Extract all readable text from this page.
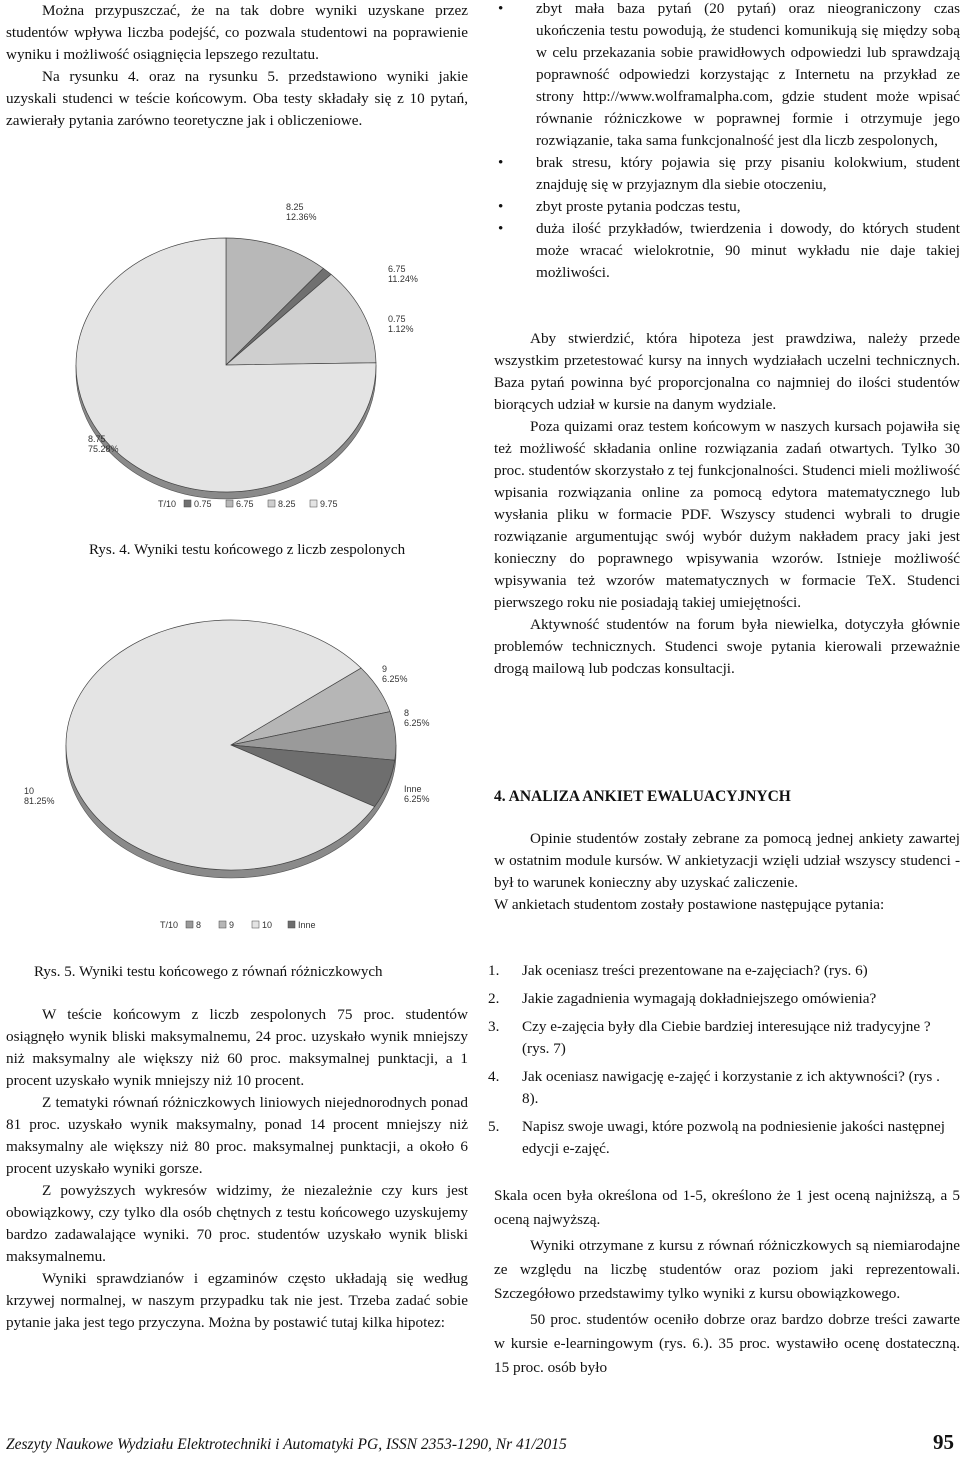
Można przypuszczać, że na tak dobre wyniki uzyskane przez studentów wpływa liczba podejść, co pozwala studentowi na poprawienie wyniku i możliwość osiągnięcia lepszego rezultatu.

Na rysunku 4. oraz na rysunku 5. przedstawiono wyniki jakie uzyskali studenci w teście końcowym. Oba testy składały się z 10 pytań, zawierały pytania zarówno teoretyczne jak i obliczeniowe.

0.75
1.12%
6.75
11.24%
8.25
12.36%
8.75
75.28%
T/10 0.75	6.75	8.25	9.75
Rys. 4. Wyniki testu końcowego z liczb zespolonych
9
6.25%
8
6.25%
10
81.25%
Inne
6.25%
T/10 8	9	10	Inne
Rys. 5. Wyniki testu końcowego z równań różniczkowych

W teście końcowym z liczb zespolonych 75 proc. studentów osiągnęło wynik bliski maksymalnemu, 24 proc. uzyskało wynik mniejszy niż maksymalny ale większy niż 60 proc. maksymalnej punktacji, a 1 procent uzyskało wynik mniejszy niż 10 procent.

Z tematyki równań różniczkowych liniowych niejednorodnych ponad 81 proc. uzyskało wynik maksymalny, ponad 14 procent mniejszy niż maksymalny ale większy niż 80 proc. maksymalnej punktacji, a około 6 procent uzyskało wyniki gorsze.

Z powyższych wykresów widzimy, że niezależnie czy kurs jest obowiązkowy, czy tylko dla osób chętnych z testu końcowego uzyskujemy bardzo zadawalające wyniki. 70 proc. studentów uzyskało wynik bliski maksymalnemu.

Wyniki sprawdzianów i egzaminów często układają się według krzywej normalnej, w naszym przypadku tak nie jest. Trzeba zadać sobie pytanie jaka jest tego przyczyna. Można by postawić tutaj kilka hipotez:

• zbyt mała baza pytań (20 pytań) oraz nieograniczony czas ukończenia testu powodują, że studenci komunikują się między sobą w celu przekazania sobie prawidłowych odpowiedzi lub sprawdzają poprawność odpowiedzi korzystając z Internetu na przykład ze strony http://www.wolframalpha.com, gdzie student może wpisać równanie różniczkowe w poprawnej formie i otrzymuje jego rozwiązanie, taka sama funkcjonalność jest dla liczb zespolonych,
• brak stresu, który pojawia się przy pisaniu kolokwium, student znajduję się w przyjaznym dla siebie otoczeniu,
• zbyt proste pytania podczas testu,
• duża ilość przykładów, twierdzenia i dowody, do których student może wracać wielokrotnie, 90 minut wykładu nie daje takiej możliwości.

Aby stwierdzić, która hipoteza jest prawdziwa, należy przede wszystkim przetestować kursy na innych wydziałach uczelni technicznych. Baza pytań powinna być proporcjonalna co najmniej do ilości studentów biorących udział w kursie na danym wydziale.

Poza quizami oraz testem końcowym w naszych kursach pojawiła się też możliwość składania online rozwiązania zadań otwartych. Tylko 30 proc. studentów skorzystało z tej funkcjonalności. Studenci mieli możliwość wpisania rozwiązania online za pomocą edytora matematycznego lub wysłania pliku w formacie PDF. Wszyscy studenci wybrali to drugie rozwiązanie argumentując swój wybór dużym nakładem pracy jaki jest konieczny do poprawnego wpisywania wzorów. Istnieje możliwość wpisywania też wzorów matematycznych w formacie TeX. Studenci pierwszego roku nie posiadają takiej umiejętności.

Aktywność studentów na forum była niewielka, dotyczyła głównie problemów technicznych. Studenci swoje pytania kierowali przeważnie drogą mailową lub podczas konsultacji.

4. ANALIZA ANKIET EWALUACYJNYCH

Opinie studentów zostały zebrane za pomocą jednej ankiety zawartej w ostatnim module kursów. W ankietyzacji wzięli udział wszyscy studenci - był to warunek konieczny aby uzyskać zaliczenie.

W ankietach studentom zostały postawione następujące pytania:

1. Jak oceniasz treści prezentowane na e-zajęciach? (rys. 6)
2. Jakie zagadnienia wymagają dokładniejszego omówienia?
3. Czy e-zajęcia były dla Ciebie bardziej interesujące niż tradycyjne ? (rys. 7)
4. Jak oceniasz nawigację e-zajęć i korzystanie z ich aktywności? (rys . 8).
5. Napisz swoje uwagi, które pozwolą na podniesienie jakości następnej edycji e-zajęć.

Skala ocen była określona od 1-5, określono że 1 jest oceną najniższą, a 5 oceną najwyższą.

Wyniki otrzymane z kursu z równań różniczkowych są niemiarodajne ze względu na liczbę studentów oraz poziom jaki reprezentowali. Szczegółowo przedstawimy tylko wyniki z kursu obowiązkowego.

50 proc. studentów oceniło dobrze oraz bardzo dobrze treści zawarte w kursie e-learningowym (rys. 6.). 35 proc. wystawiło ocenę dostateczną. 15 proc. osób było

Zeszyty Naukowe Wydziału Elektrotechniki i Automatyki PG, ISSN 2353-1290, Nr 41/2015	95
